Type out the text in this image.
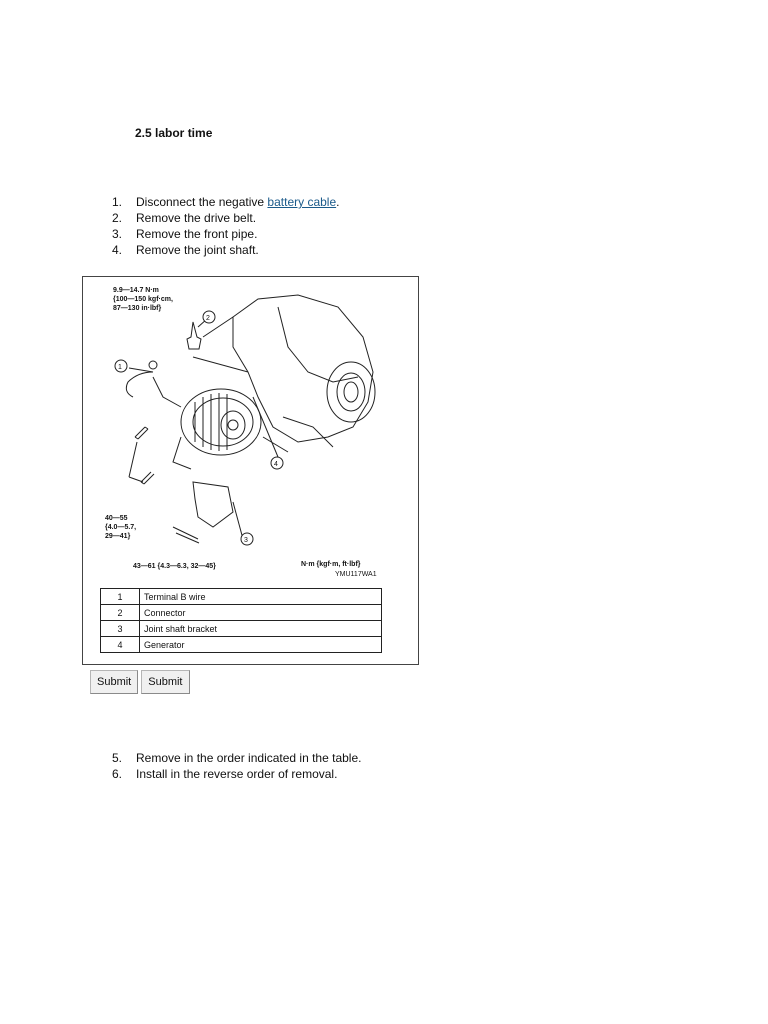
2.5 labor time
1.	Disconnect the negative battery cable.
2.	Remove the drive belt.
3.	Remove the front pipe.
4.	Remove the joint shaft.
2
1
4
3
9.9—14.7 N·m
{100—150 kgf·cm,
87—130 in·lbf}
40—55
{4.0—5.7,
29—41}
43—61 {4.3—6.3, 32—45}	N·m {kgf·m, ft·lbf}
YMU117WA1
1	Terminal B wire
2	Connector
3	Joint shaft bracket
4	Generator
Submit	Submit
5.	Remove in the order indicated in the table.
6.	Install in the reverse order of removal.
